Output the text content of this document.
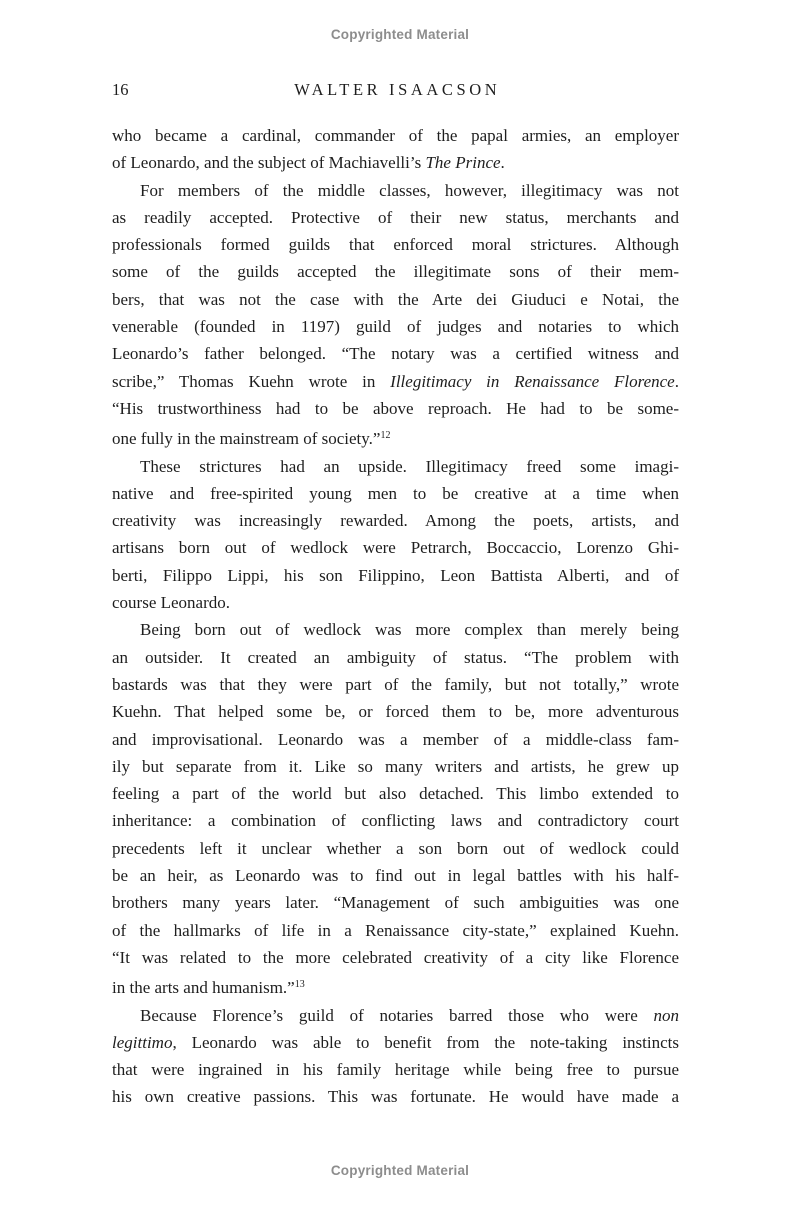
Copyrighted Material
16	WALTER ISAACSON
who became a cardinal, commander of the papal armies, an employer
of Leonardo, and the subject of Machiavelli’s The Prince.
For members of the middle classes, however, illegitimacy was not
as readily accepted. Protective of their new status, merchants and
professionals formed guilds that enforced moral strictures. Although
some of the guilds accepted the illegitimate sons of their mem-
bers, that was not the case with the Arte dei Giuduci e Notai, the
venerable (founded in 1197) guild of judges and notaries to which
Leonardo’s father belonged. “The notary was a certified witness and
scribe,” Thomas Kuehn wrote in Illegitimacy in Renaissance Florence.
“His trustworthiness had to be above reproach. He had to be some-
one fully in the mainstream of society.”$^{12}$
These strictures had an upside. Illegitimacy freed some imagi-
native and free-spirited young men to be creative at a time when
creativity was increasingly rewarded. Among the poets, artists, and
artisans born out of wedlock were Petrarch, Boccaccio, Lorenzo Ghi-
berti, Filippo Lippi, his son Filippino, Leon Battista Alberti, and of
course Leonardo.
Being born out of wedlock was more complex than merely being
an outsider. It created an ambiguity of status. “The problem with
bastards was that they were part of the family, but not totally,” wrote
Kuehn. That helped some be, or forced them to be, more adventurous
and improvisational. Leonardo was a member of a middle-class fam-
ily but separate from it. Like so many writers and artists, he grew up
feeling a part of the world but also detached. This limbo extended to
inheritance: a combination of conflicting laws and contradictory court
precedents left it unclear whether a son born out of wedlock could
be an heir, as Leonardo was to find out in legal battles with his half-
brothers many years later. “Management of such ambiguities was one
of the hallmarks of life in a Renaissance city-state,” explained Kuehn.
“It was related to the more celebrated creativity of a city like Florence
in the arts and humanism.”$^{13}$
Because Florence’s guild of notaries barred those who were non
legittimo, Leonardo was able to benefit from the note-taking instincts
that were ingrained in his family heritage while being free to pursue
his own creative passions. This was fortunate. He would have made a
Copyrighted Material
